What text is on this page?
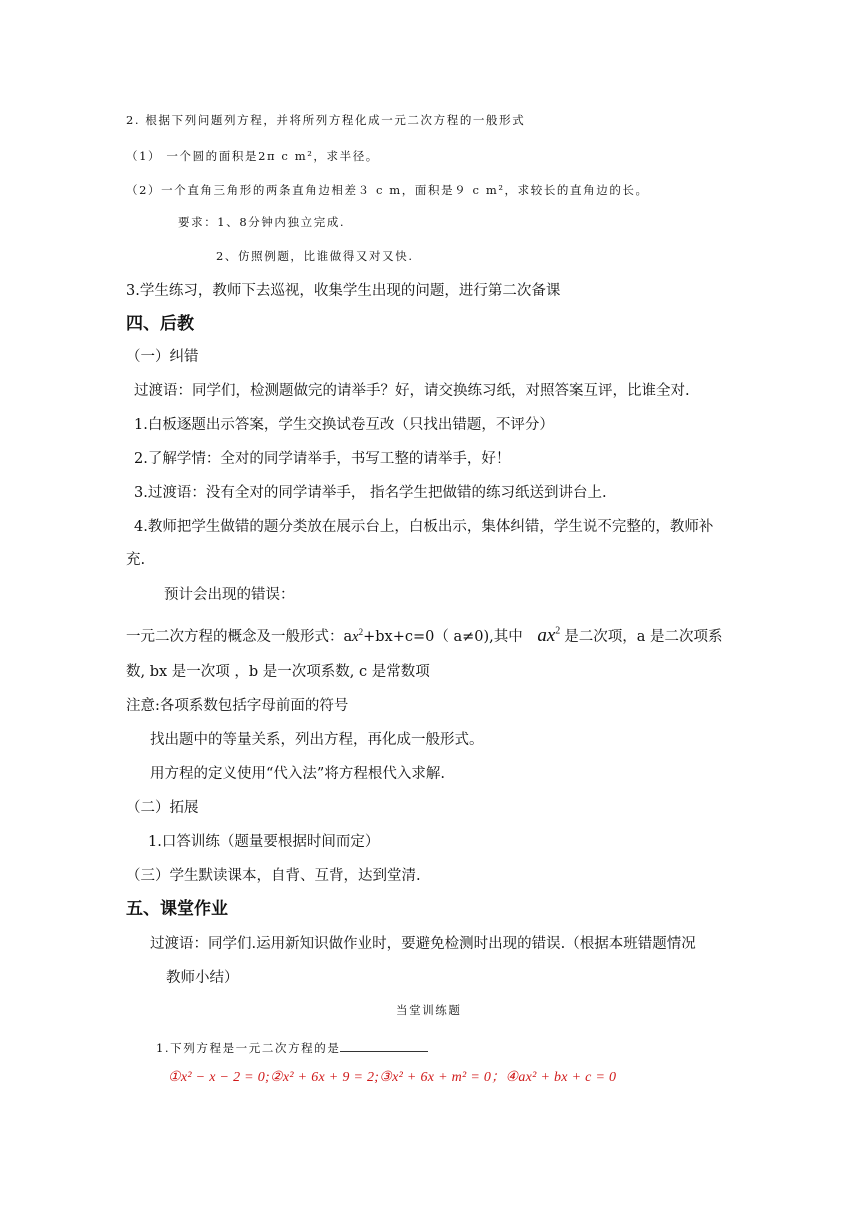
2. 根据下列问题列方程，并将所列方程化成一元二次方程的一般形式
（1） 一个圆的面积是2π c m²，求半径。
（2）一个直角三角形的两条直角边相差３ c m，面积是９ c m²，求较长的直角边的长。
要求：1、8分钟内独立完成.
2、仿照例题，比谁做得又对又快.
3.学生练习，教师下去巡视，收集学生出现的问题，进行第二次备课
四、后教
（一）纠错
过渡语：同学们，检测题做完的请举手？好，请交换练习纸，对照答案互评，比谁全对.
1.白板逐题出示答案，学生交换试卷互改（只找出错题，不评分）
2.了解学情：全对的同学请举手，书写工整的请举手，好！
3.过渡语：没有全对的同学请举手， 指名学生把做错的练习纸送到讲台上.
4.教师把学生做错的题分类放在展示台上，白板出示，集体纠错，学生说不完整的，教师补
充.
预计会出现的错误：
一元二次方程的概念及一般形式：$ax^2+bx+c=0$（ a≠0),其中 $ax^2$ 是二次项，a 是二次项系
数, bx 是一次项 ，b 是一次项系数, c 是常数项
注意:各项系数包括字母前面的符号
找出题中的等量关系，列出方程，再化成一般形式。
用方程的定义使用“代入法”将方程根代入求解.
（二）拓展
1.口答训练（题量要根据时间而定）
（三）学生默读课本，自背、互背，达到堂清.
五、课堂作业
过渡语：同学们.运用新知识做作业时，要避免检测时出现的错误.（根据本班错题情况
教师小结）
当堂训练题
1.下列方程是一元二次方程的是
①x² − x − 2 = 0;②x² + 6x + 9 = 2;③x² + 6x + m² = 0；④ax² + bx + c = 0
